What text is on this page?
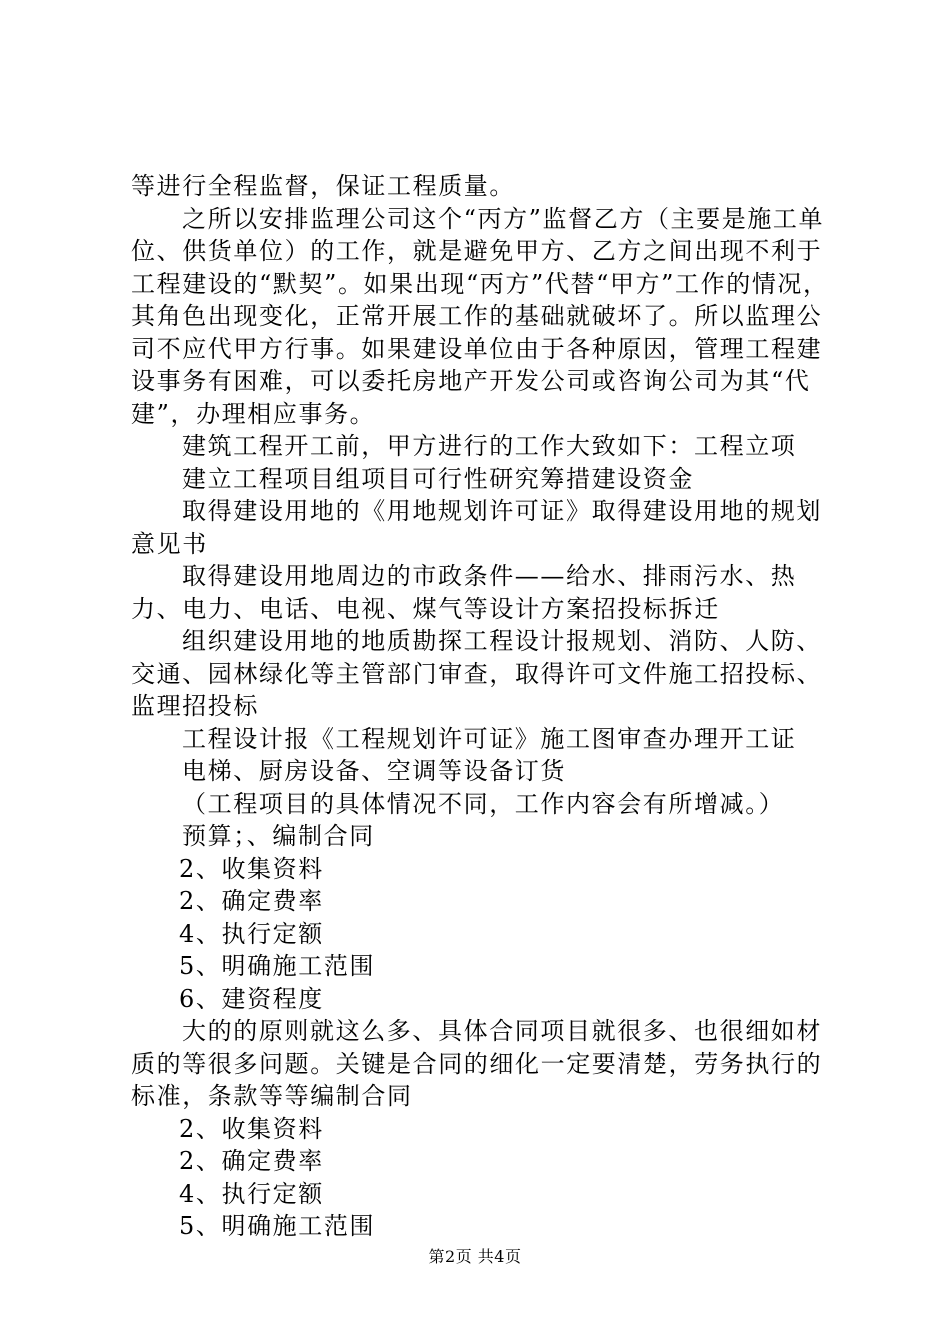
等进行全程监督，保证工程质量。

之所以安排监理公司这个“丙方”监督乙方（主要是施工单位、供货单位）的工作，就是避免甲方、乙方之间出现不利于工程建设的“默契”。如果出现“丙方”代替“甲方”工作的情况，其角色出现变化，正常开展工作的基础就破坏了。所以监理公司不应代甲方行事。如果建设单位由于各种原因，管理工程建设事务有困难，可以委托房地产开发公司或咨询公司为其“代建”，办理相应事务。

建筑工程开工前，甲方进行的工作大致如下：工程立项

建立工程项目组项目可行性研究筹措建设资金

取得建设用地的《用地规划许可证》取得建设用地的规划意见书

取得建设用地周边的市政条件——给水、排雨污水、热力、电力、电话、电视、煤气等设计方案招投标拆迁

组织建设用地的地质勘探工程设计报规划、消防、人防、交通、园林绿化等主管部门审查，取得许可文件施工招投标、监理招投标

工程设计报《工程规划许可证》施工图审查办理开工证

电梯、厨房设备、空调等设备订货

（工程项目的具体情况不同，工作内容会有所增减。）

预算；、编制合同

2、收集资料

2、确定费率

4、执行定额

5、明确施工范围

6、建资程度

大的的原则就这么多、具体合同项目就很多、也很细如材质的等很多问题。关键是合同的细化一定要清楚，劳务执行的标准，条款等等编制合同

2、收集资料

2、确定费率

4、执行定额

5、明确施工范围

第2页 共4页
